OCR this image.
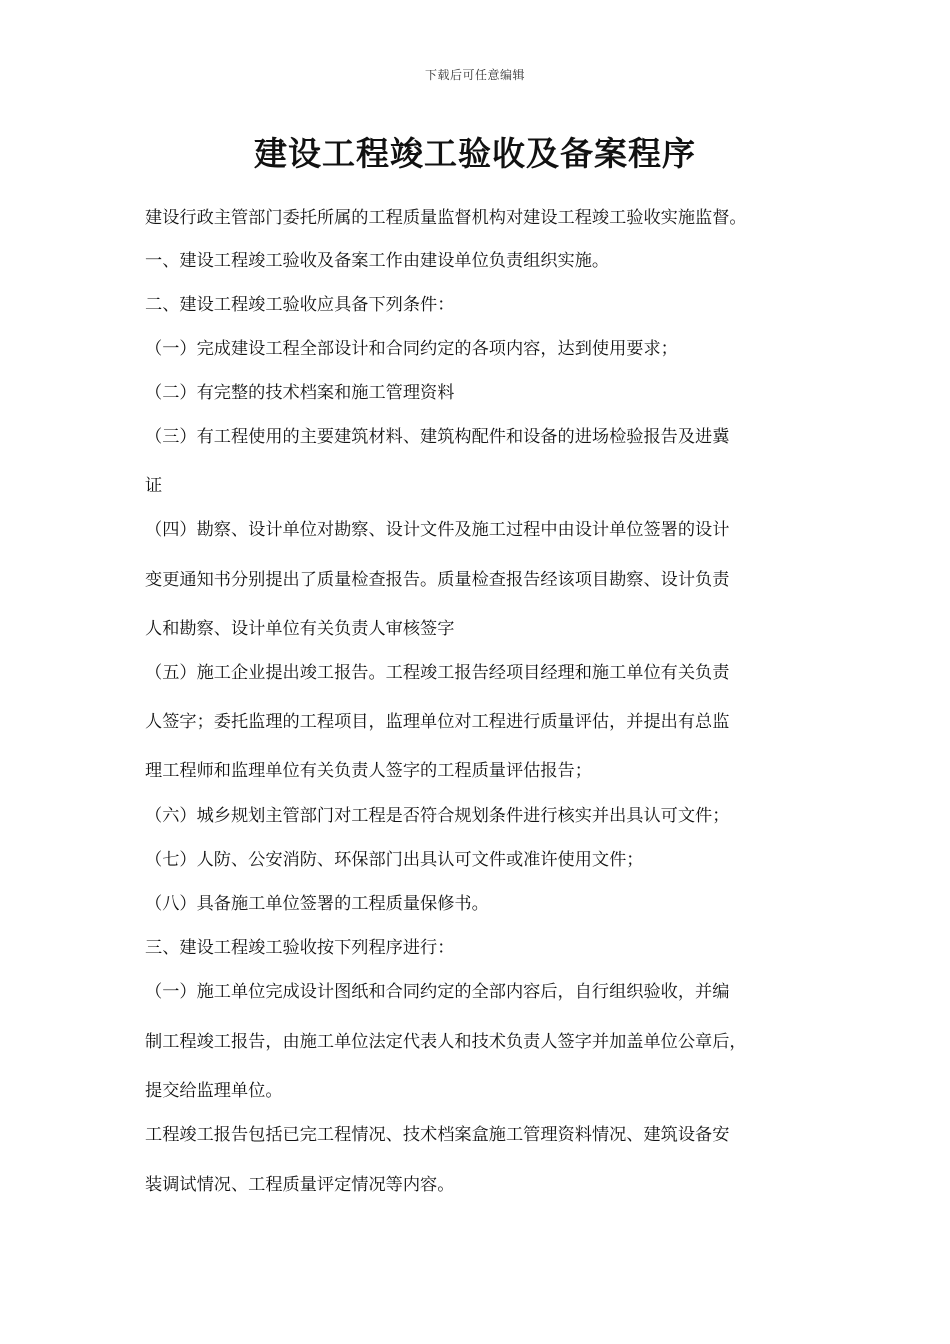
下载后可任意编辑
建设工程竣工验收及备案程序
建设行政主管部门委托所属的工程质量监督机构对建设工程竣工验收实施监督。
一、建设工程竣工验收及备案工作由建设单位负责组织实施。
二、建设工程竣工验收应具备下列条件：
（一）完成建设工程全部设计和合同约定的各项内容，达到使用要求；
（二）有完整的技术档案和施工管理资料
（三）有工程使用的主要建筑材料、建筑构配件和设备的进场检验报告及进冀
证
（四）勘察、设计单位对勘察、设计文件及施工过程中由设计单位签署的设计
变更通知书分别提出了质量检查报告。质量检查报告经该项目勘察、设计负责
人和勘察、设计单位有关负责人审核签字
（五）施工企业提出竣工报告。工程竣工报告经项目经理和施工单位有关负责
人签字；委托监理的工程项目，监理单位对工程进行质量评估，并提出有总监
理工程师和监理单位有关负责人签字的工程质量评估报告；
（六）城乡规划主管部门对工程是否符合规划条件进行核实并出具认可文件；
（七）人防、公安消防、环保部门出具认可文件或准许使用文件；
（八）具备施工单位签署的工程质量保修书。
三、建设工程竣工验收按下列程序进行：
（一）施工单位完成设计图纸和合同约定的全部内容后，自行组织验收，并编
制工程竣工报告，由施工单位法定代表人和技术负责人签字并加盖单位公章后，
提交给监理单位。
工程竣工报告包括已完工程情况、技术档案盒施工管理资料情况、建筑设备安
装调试情况、工程质量评定情况等内容。
